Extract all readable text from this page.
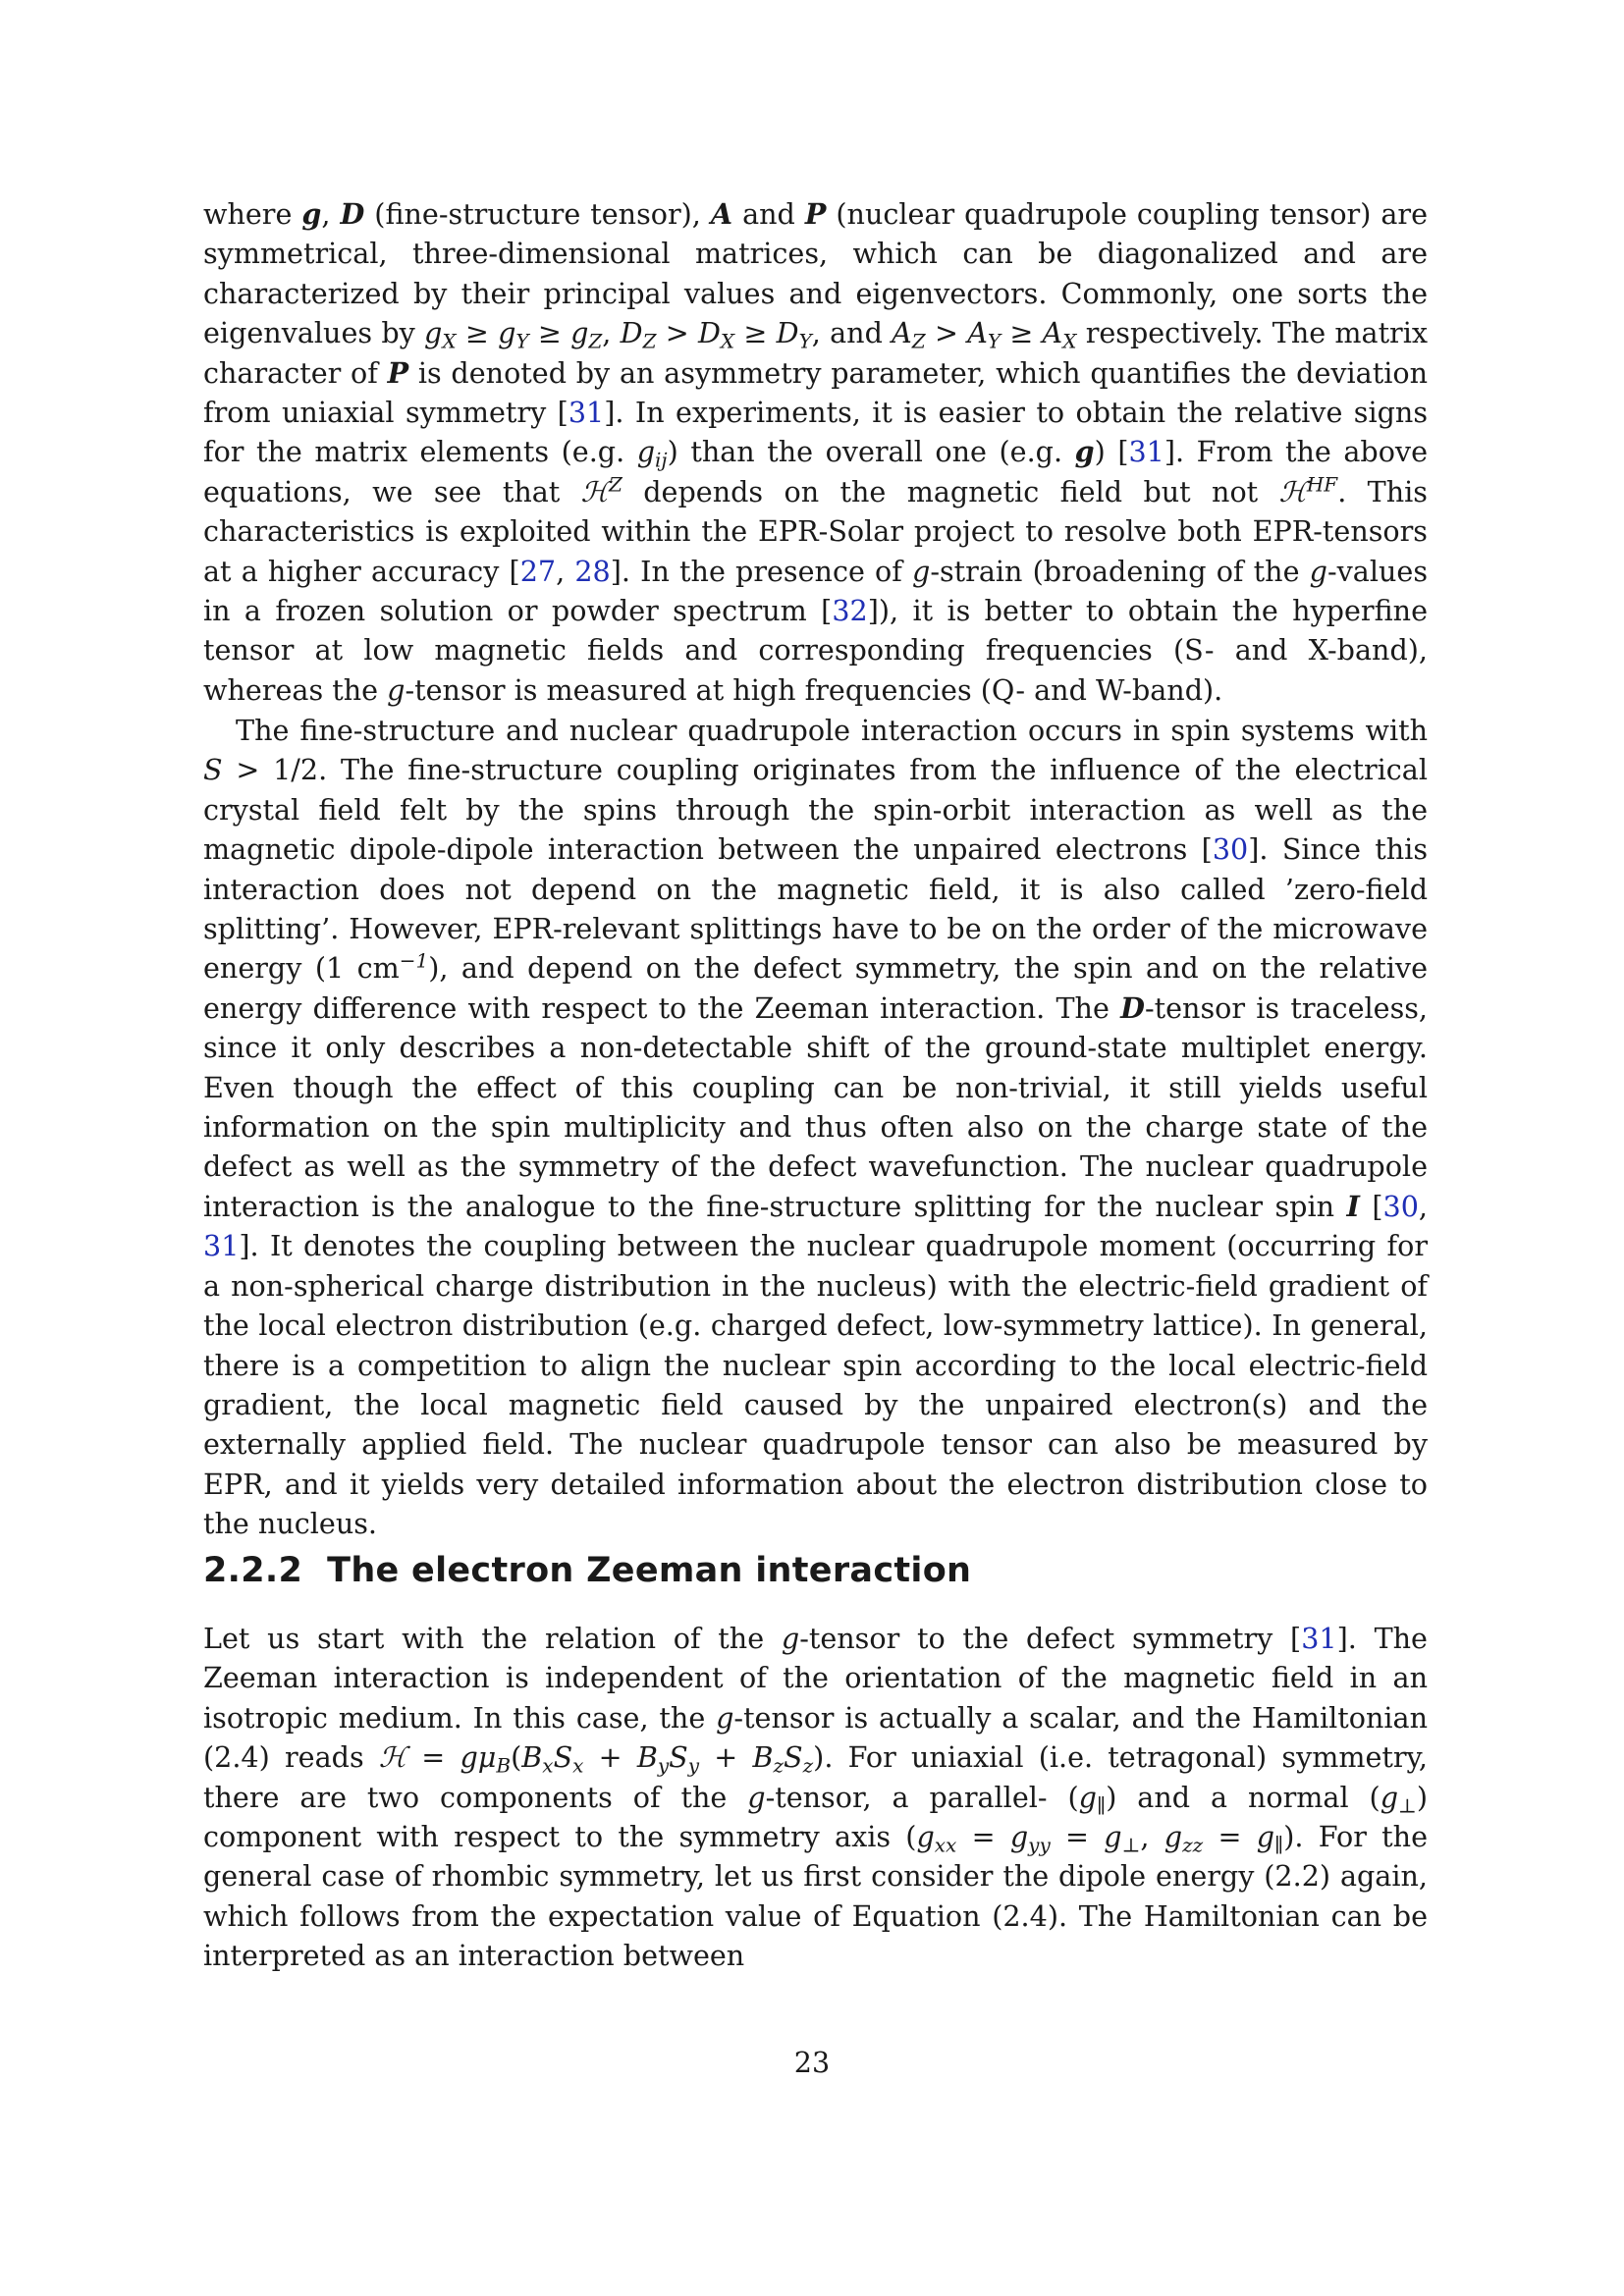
where g, D (fine-structure tensor), A and P (nuclear quadrupole coupling tensor) are symmetrical, three-dimensional matrices, which can be diagonalized and are characterized by their principal values and eigenvectors. Commonly, one sorts the eigenvalues by $g_X \ge g_Y \ge g_Z$, $D_Z > D_X \ge D_Y$, and $A_Z > A_Y \ge A_X$ respectively. The matrix character of P is denoted by an asymmetry parameter, which quantifies the deviation from uniaxial symmetry [31]. In experiments, it is easier to obtain the relative signs for the matrix elements (e.g. $g_{ij}$) than the overall one (e.g. g) [31]. From the above equations, we see that ℋ$^Z$ depends on the magnetic field but not ℋ$^{HF}$. This characteristics is exploited within the EPR-Solar project to resolve both EPR-tensors at a higher accuracy [27, 28]. In the presence of g-strain (broadening of the g-values in a frozen solution or powder spectrum [32]), it is better to obtain the hyperfine tensor at low magnetic fields and corresponding frequencies (S- and X-band), whereas the g-tensor is measured at high frequencies (Q- and W-band).
The fine-structure and nuclear quadrupole interaction occurs in spin systems with S > 1/2. The fine-structure coupling originates from the influence of the electrical crystal field felt by the spins through the spin-orbit interaction as well as the magnetic dipole-dipole interaction between the unpaired electrons [30]. Since this interaction does not depend on the magnetic field, it is also called ’zero-field splitting’. However, EPR-relevant splittings have to be on the order of the microwave energy (1 $cm^{-1}$), and depend on the defect symmetry, the spin and on the relative energy difference with respect to the Zeeman interaction. The D-tensor is traceless, since it only describes a non-detectable shift of the ground-state multiplet energy. Even though the effect of this coupling can be non-trivial, it still yields useful information on the spin multiplicity and thus often also on the charge state of the defect as well as the symmetry of the defect wavefunction. The nuclear quadrupole interaction is the analogue to the fine-structure splitting for the nuclear spin I [30, 31]. It denotes the coupling between the nuclear quadrupole moment (occurring for a non-spherical charge distribution in the nucleus) with the electric-field gradient of the local electron distribution (e.g. charged defect, low-symmetry lattice). In general, there is a competition to align the nuclear spin according to the local electric-field gradient, the local magnetic field caused by the unpaired electron(s) and the externally applied field. The nuclear quadrupole tensor can also be measured by EPR, and it yields very detailed information about the electron distribution close to the nucleus.
2.2.2 The electron Zeeman interaction
Let us start with the relation of the g-tensor to the defect symmetry [31]. The Zeeman interaction is independent of the orientation of the magnetic field in an isotropic medium. In this case, the g-tensor is actually a scalar, and the Hamiltonian (2.4) reads ℋ = $g\mu_B(B_xS_x + B_yS_y + B_zS_z)$. For uniaxial (i.e. tetragonal) symmetry, there are two components of the g-tensor, a parallel- $(g_\parallel)$ and a normal $(g_\perp)$ component with respect to the symmetry axis ($g_{xx} = g_{yy} = g_\perp$, $g_{zz} = g_\parallel$). For the general case of rhombic symmetry, let us first consider the dipole energy (2.2) again, which follows from the expectation value of Equation (2.4). The Hamiltonian can be interpreted as an interaction between
23
